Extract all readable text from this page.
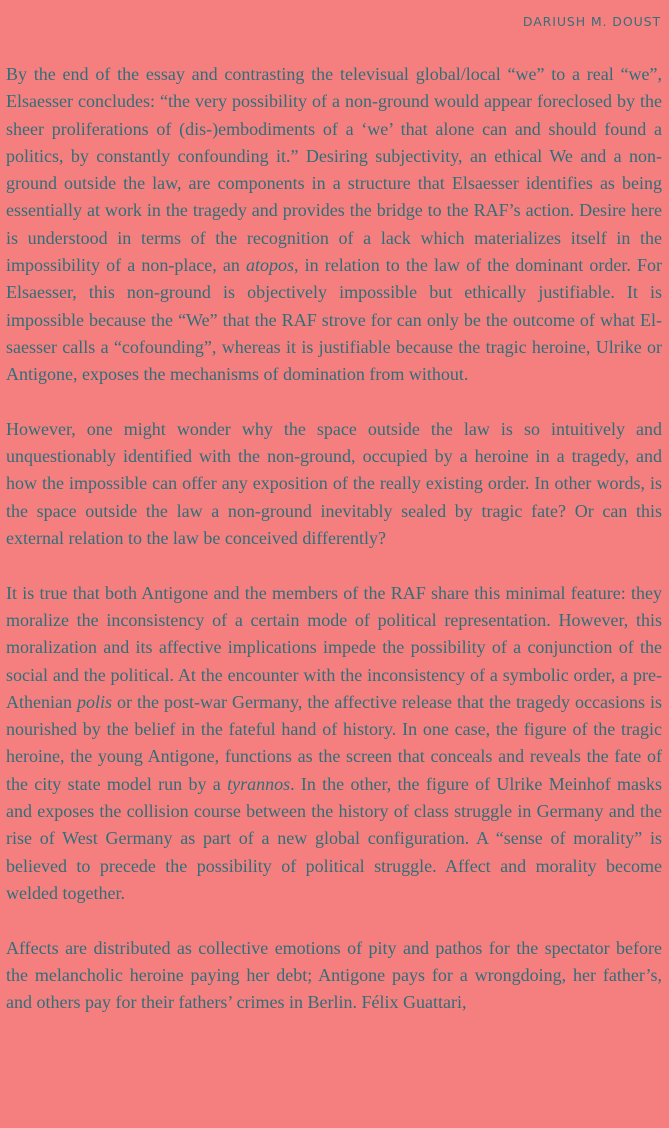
DARIUSH M. DOUST

By the end of the essay and contrasting the televisual global/local “we” to a real “we”, Elsaesser concludes: “the very possibility of a non-ground would appear foreclosed by the sheer proliferations of (dis-)embodiments of a ‘we’ that alone can and should found a politics, by constantly confounding it.” Desiring subjectivity, an ethical We and a non-ground outside the law, are components in a structure that Elsaesser identifies as being essentially at work in the tragedy and provides the bridge to the RAF’s action. Desire here is understood in terms of the recognition of a lack which materializes itself in the impossibility of a non-place, an atopos, in relation to the law of the dominant order. For Elsaesser, this non-ground is objectively impossible but ethically justifiable. It is impossible because the “We” that the RAF strove for can only be the outcome of what Elsaesser calls a “cofounding”, whereas it is justifiable because the tragic heroine, Ulrike or Antigone, exposes the mechanisms of domination from without.

However, one might wonder why the space outside the law is so intuitively and unquestionably identified with the non-ground, occupied by a heroine in a tragedy, and how the impossible can offer any exposition of the really existing order. In other words, is the space outside the law a non-ground inevitably sealed by tragic fate? Or can this external relation to the law be conceived differently?

It is true that both Antigone and the members of the RAF share this minimal feature: they moralize the inconsistency of a certain mode of political representation. However, this moralization and its affective implications impede the possibility of a conjunction of the social and the political. At the encounter with the inconsistency of a symbolic order, a pre-Athenian polis or the post-war Germany, the affective release that the tragedy occasions is nourished by the belief in the fateful hand of history. In one case, the figure of the tragic heroine, the young Antigone, functions as the screen that conceals and reveals the fate of the city state model run by a tyrannos. In the other, the figure of Ulrike Meinhof masks and exposes the collision course between the history of class struggle in Germany and the rise of West Germany as part of a new global configuration. A “sense of morality” is believed to precede the possibility of political struggle. Affect and morality become welded together.

Affects are distributed as collective emotions of pity and pathos for the spectator before the melancholic heroine paying her debt; Antigone pays for a wrongdoing, her father’s, and others pay for their fathers’ crimes in Berlin. Félix Guattari,
